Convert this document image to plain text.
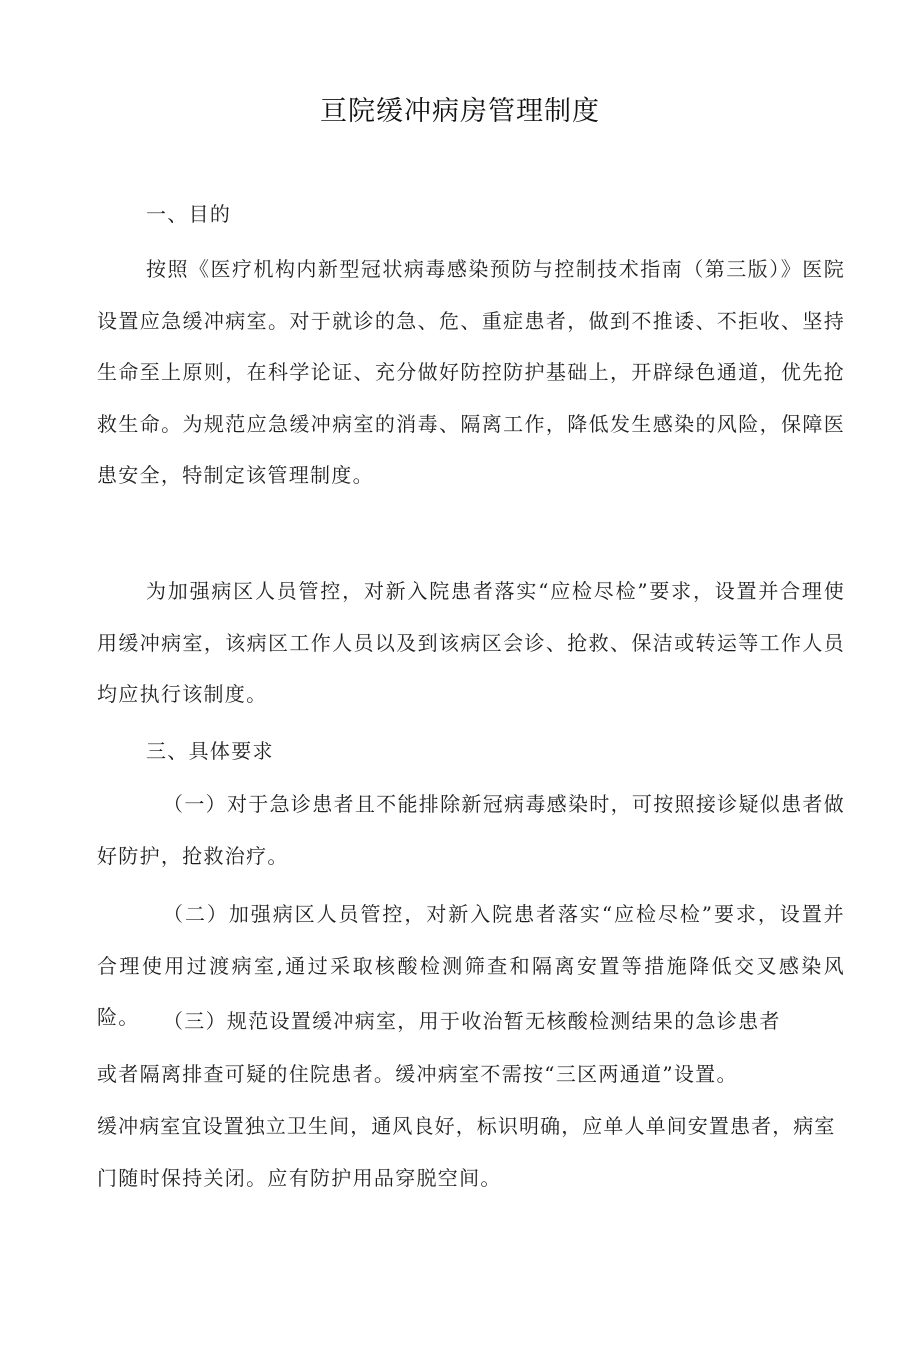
亘院缓冲病房管理制度
一、目的
按照《医疗机构内新型冠状病毒感染预防与控制技术指南（第三版）》医院设置应急缓冲病室。对于就诊的急、危、重症患者，做到不推诿、不拒收、坚持生命至上原则，在科学论证、充分做好防控防护基础上，开辟绿色通道，优先抢救生命。为规范应急缓冲病室的消毒、隔离工作，降低发生感染的风险，保障医患安全，特制定该管理制度。
为加强病区人员管控，对新入院患者落实“应检尽检”要求，设置并合理使用缓冲病室，该病区工作人员以及到该病区会诊、抢救、保洁或转运等工作人员均应执行该制度。
三、具体要求
（一）对于急诊患者且不能排除新冠病毒感染时，可按照接诊疑似患者做好防护，抢救治疗。
（二）加强病区人员管控，对新入院患者落实“应检尽检”要求，设置并合理使用过渡病室,通过采取核酸检测筛查和隔离安置等措施降低交叉感染风险。	（三）规范设置缓冲病室，用于收治暂无核酸检测结果的急诊患者
或者隔离排查可疑的住院患者。缓冲病室不需按“三区两通道”设置。
缓冲病室宜设置独立卫生间，通风良好，标识明确，应单人单间安置患者，病室
门随时保持关闭。应有防护用品穿脱空间。
